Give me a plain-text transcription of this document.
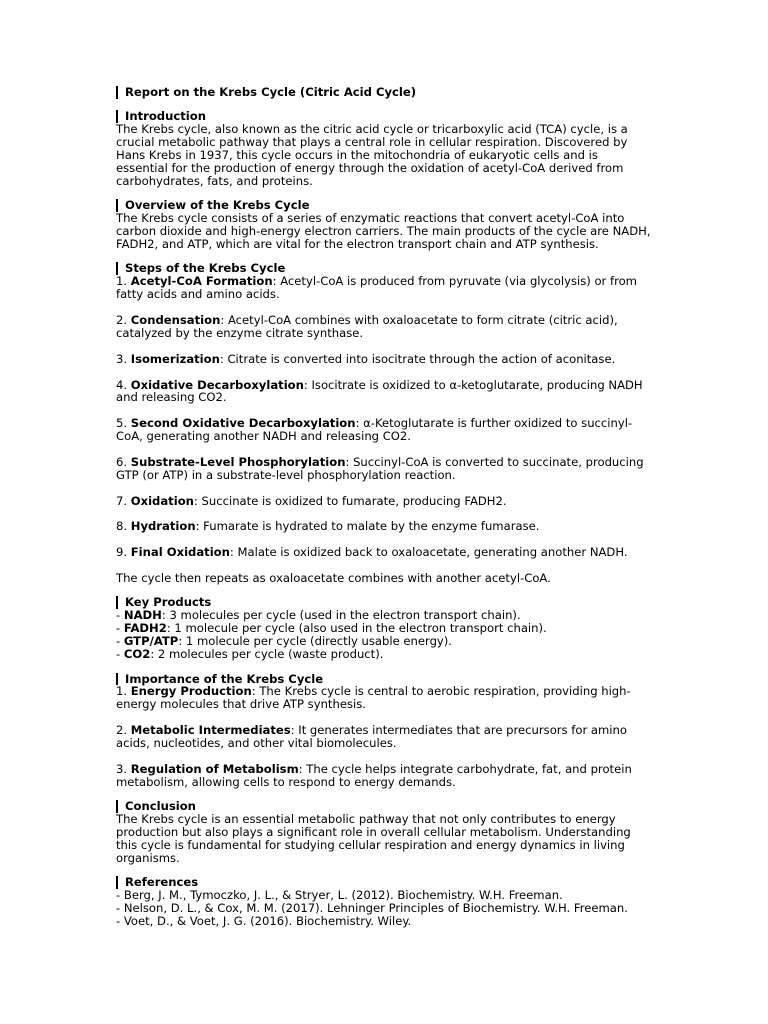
Report on the Krebs Cycle (Citric Acid Cycle)
Introduction
The Krebs cycle, also known as the citric acid cycle or tricarboxylic acid (TCA) cycle, is a crucial metabolic pathway that plays a central role in cellular respiration. Discovered by Hans Krebs in 1937, this cycle occurs in the mitochondria of eukaryotic cells and is essential for the production of energy through the oxidation of acetyl-CoA derived from carbohydrates, fats, and proteins.
Overview of the Krebs Cycle
The Krebs cycle consists of a series of enzymatic reactions that convert acetyl-CoA into carbon dioxide and high-energy electron carriers. The main products of the cycle are NADH, FADH2, and ATP, which are vital for the electron transport chain and ATP synthesis.
Steps of the Krebs Cycle
1. Acetyl-CoA Formation: Acetyl-CoA is produced from pyruvate (via glycolysis) or from fatty acids and amino acids.
2. Condensation: Acetyl-CoA combines with oxaloacetate to form citrate (citric acid), catalyzed by the enzyme citrate synthase.
3. Isomerization: Citrate is converted into isocitrate through the action of aconitase.
4. Oxidative Decarboxylation: Isocitrate is oxidized to α-ketoglutarate, producing NADH and releasing CO2.
5. Second Oxidative Decarboxylation: α-Ketoglutarate is further oxidized to succinyl-CoA, generating another NADH and releasing CO2.
6. Substrate-Level Phosphorylation: Succinyl-CoA is converted to succinate, producing GTP (or ATP) in a substrate-level phosphorylation reaction.
7. Oxidation: Succinate is oxidized to fumarate, producing FADH2.
8. Hydration: Fumarate is hydrated to malate by the enzyme fumarase.
9. Final Oxidation: Malate is oxidized back to oxaloacetate, generating another NADH.
The cycle then repeats as oxaloacetate combines with another acetyl-CoA.
Key Products
- NADH: 3 molecules per cycle (used in the electron transport chain).
- FADH2: 1 molecule per cycle (also used in the electron transport chain).
- GTP/ATP: 1 molecule per cycle (directly usable energy).
- CO2: 2 molecules per cycle (waste product).
Importance of the Krebs Cycle
1. Energy Production: The Krebs cycle is central to aerobic respiration, providing high-energy molecules that drive ATP synthesis.
2. Metabolic Intermediates: It generates intermediates that are precursors for amino acids, nucleotides, and other vital biomolecules.
3. Regulation of Metabolism: The cycle helps integrate carbohydrate, fat, and protein metabolism, allowing cells to respond to energy demands.
Conclusion
The Krebs cycle is an essential metabolic pathway that not only contributes to energy production but also plays a significant role in overall cellular metabolism. Understanding this cycle is fundamental for studying cellular respiration and energy dynamics in living organisms.
References
- Berg, J. M., Tymoczko, J. L., & Stryer, L. (2012). Biochemistry. W.H. Freeman.
- Nelson, D. L., & Cox, M. M. (2017). Lehninger Principles of Biochemistry. W.H. Freeman.
- Voet, D., & Voet, J. G. (2016). Biochemistry. Wiley.
